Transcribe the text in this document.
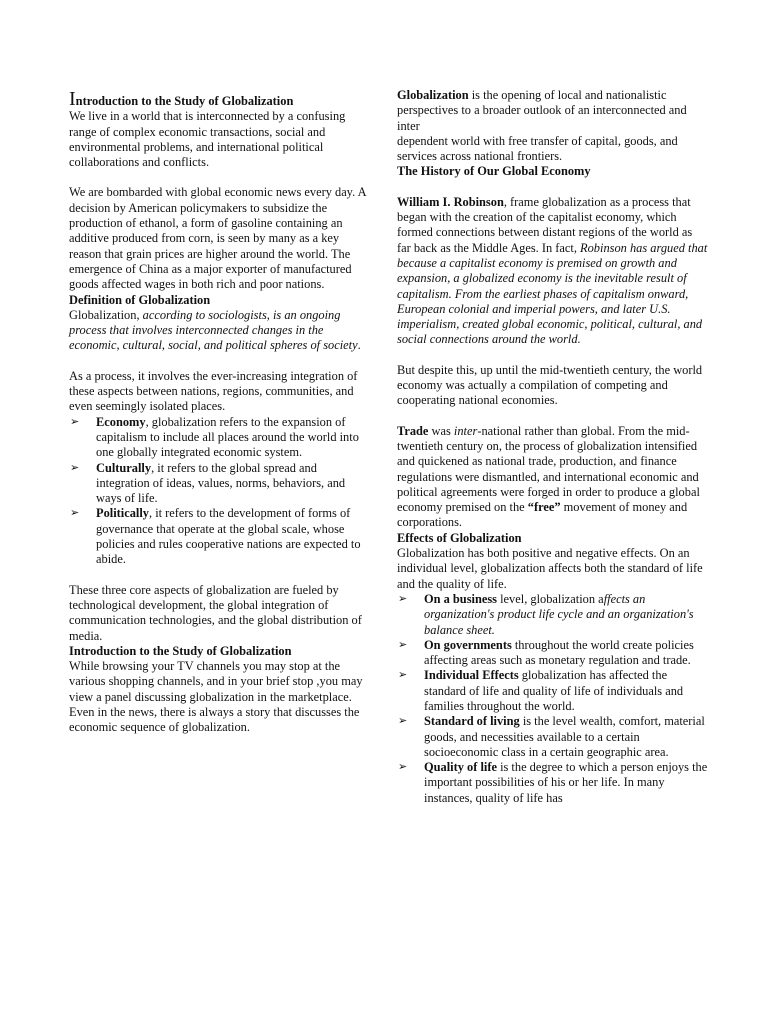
Introduction to the Study of Globalization

We live in a world that is interconnected by a confusing range of complex economic transactions, social and environmental problems, and international political collaborations and conflicts.

We are bombarded with global economic news every day. A decision by American policymakers to subsidize the production of ethanol, a form of gasoline containing an additive produced from corn, is seen by many as a key reason that grain prices are higher around the world. The emergence of China as a major exporter of manufactured goods affected wages in both rich and poor nations.

Definition of Globalization

Globalization, according to sociologists, is an ongoing process that involves interconnected changes in the economic, cultural, social, and political spheres of society.

As a process, it involves the ever-increasing integration of these aspects between nations, regions, communities, and even seemingly isolated places.

➢ Economy, globalization refers to the expansion of capitalism to include all places around the world into one globally integrated economic system.
➢ Culturally, it refers to the global spread and integration of ideas, values, norms, behaviors, and ways of life.
➢ Politically, it refers to the development of forms of governance that operate at the global scale, whose policies and rules cooperative nations are expected to abide.

These three core aspects of globalization are fueled by technological development, the global integration of communication technologies, and the global distribution of media.

Introduction to the Study of Globalization

While browsing your TV channels you may stop at the various shopping channels, and in your brief stop ,you may view a panel discussing globalization in the marketplace. Even in the news, there is always a story that discusses the economic sequence of globalization.

Globalization is the opening of local and nationalistic perspectives to a broader outlook of an interconnected and inter
dependent world with free transfer of capital, goods, and services across national frontiers.

The History of Our Global Economy

William I. Robinson, frame globalization as a process that began with the creation of the capitalist economy, which formed connections between distant regions of the world as far back as the Middle Ages. In fact, Robinson has argued that because a capitalist economy is premised on growth and expansion, a globalized economy is the inevitable result of capitalism. From the earliest phases of capitalism onward, European colonial and imperial powers, and later U.S. imperialism, created global economic, political, cultural, and social connections around the world.

But despite this, up until the mid-twentieth century, the world economy was actually a compilation of competing and cooperating national economies.

Trade was inter-national rather than global. From the mid-twentieth century on, the process of globalization intensified and quickened as national trade, production, and finance regulations were dismantled, and international economic and political agreements were forged in order to produce a global economy premised on the “free” movement of money and corporations.

Effects of Globalization

Globalization has both positive and negative effects. On an individual level, globalization affects both the standard of life and the quality of life.

➢ On a business level, globalization affects an organization's product life cycle and an organization's balance sheet.
➢ On governments throughout the world create policies affecting areas such as monetary regulation and trade.
➢ Individual Effects globalization has affected the standard of life and quality of life of individuals and families throughout the world.
➢ Standard of living is the level wealth, comfort, material goods, and necessities available to a certain socioeconomic class in a certain geographic area.
➢ Quality of life is the degree to which a person enjoys the important possibilities of his or her life. In many instances, quality of life has
